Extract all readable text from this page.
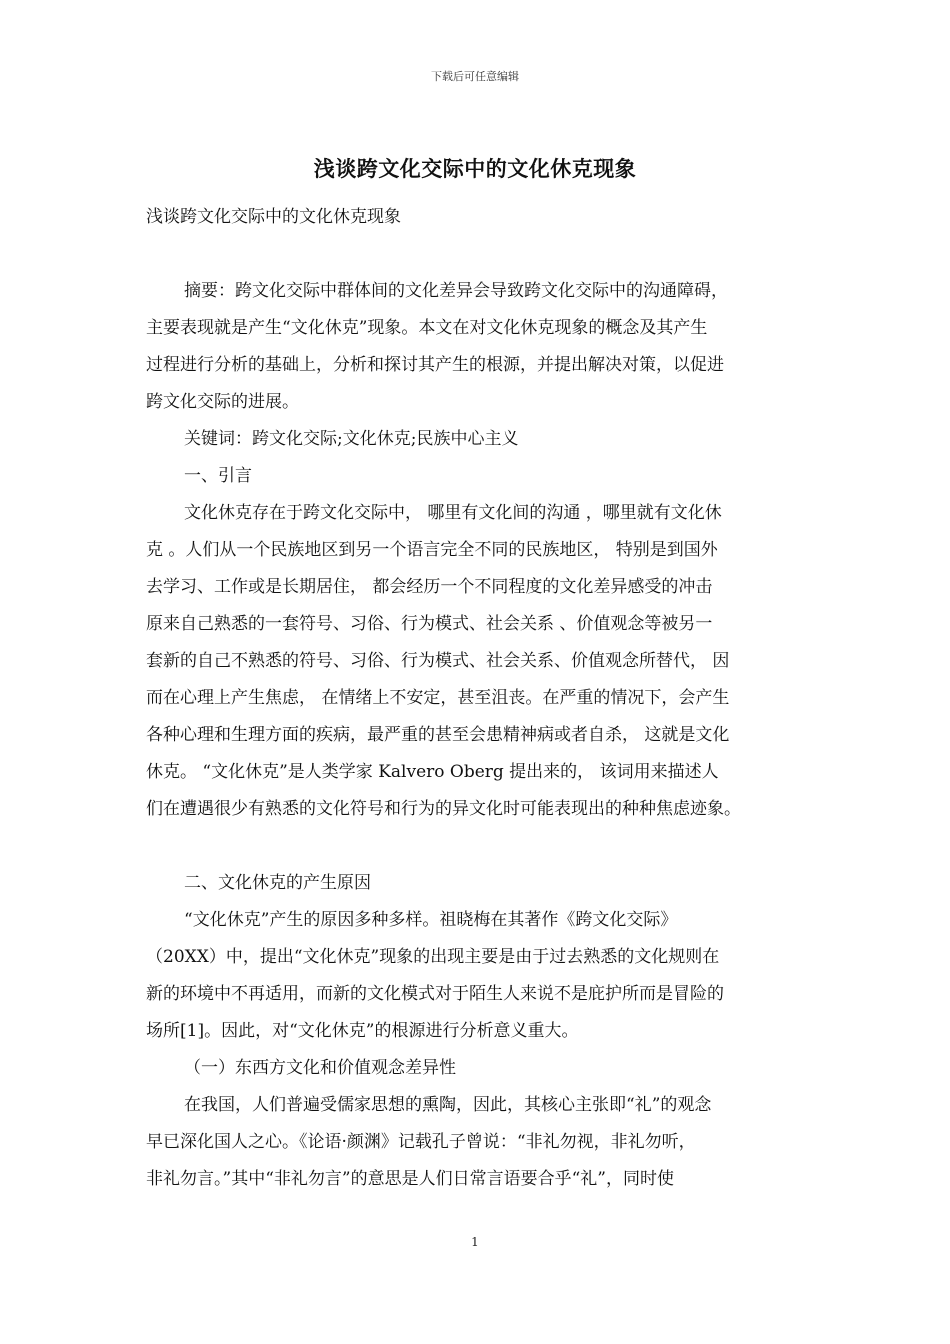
下载后可任意编辑
浅谈跨文化交际中的文化休克现象

浅谈跨文化交际中的文化休克现象

摘要：跨文化交际中群体间的文化差异会导致跨文化交际中的沟通障碍，

主要表现就是产生“文化休克”现象。本文在对文化休克现象的概念及其产生

过程进行分析的基础上，分析和探讨其产生的根源，并提出解决对策，以促进

跨文化交际的进展。

关键词：跨文化交际;文化休克;民族中心主义

一、引言

文化休克存在于跨文化交际中， 哪里有文化间的沟通 ，哪里就有文化休

克 。人们从一个民族地区到另一个语言完全不同的民族地区， 特别是到国外

去学习、工作或是长期居住， 都会经历一个不同程度的文化差异感受的冲击

原来自己熟悉的一套符号、习俗、行为模式、社会关系 、价值观念等被另一

套新的自己不熟悉的符号、习俗、行为模式、社会关系、价值观念所替代， 因

而在心理上产生焦虑， 在情绪上不安定，甚至沮丧。在严重的情况下，会产生

各种心理和生理方面的疾病，最严重的甚至会患精神病或者自杀， 这就是文化

休克。 “文化休克”是人类学家 Kalvero Oberg 提出来的， 该词用来描述人

们在遭遇很少有熟悉的文化符号和行为的异文化时可能表现出的种种焦虑迹象。

二、文化休克的产生原因

“文化休克”产生的原因多种多样。祖晓梅在其著作《跨文化交际》

（20XX）中，提出“文化休克”现象的出现主要是由于过去熟悉的文化规则在

新的环境中不再适用，而新的文化模式对于陌生人来说不是庇护所而是冒险的

场所[1]。因此，对“文化休克”的根源进行分析意义重大。

（一）东西方文化和价值观念差异性

在我国，人们普遍受儒家思想的熏陶，因此，其核心主张即“礼”的观念

早已深化国人之心。《论语·颜渊》记载孔子曾说：“非礼勿视，非礼勿听，

非礼勿言。”其中“非礼勿言”的意思是人们日常言语要合乎“礼”，同时使

1
